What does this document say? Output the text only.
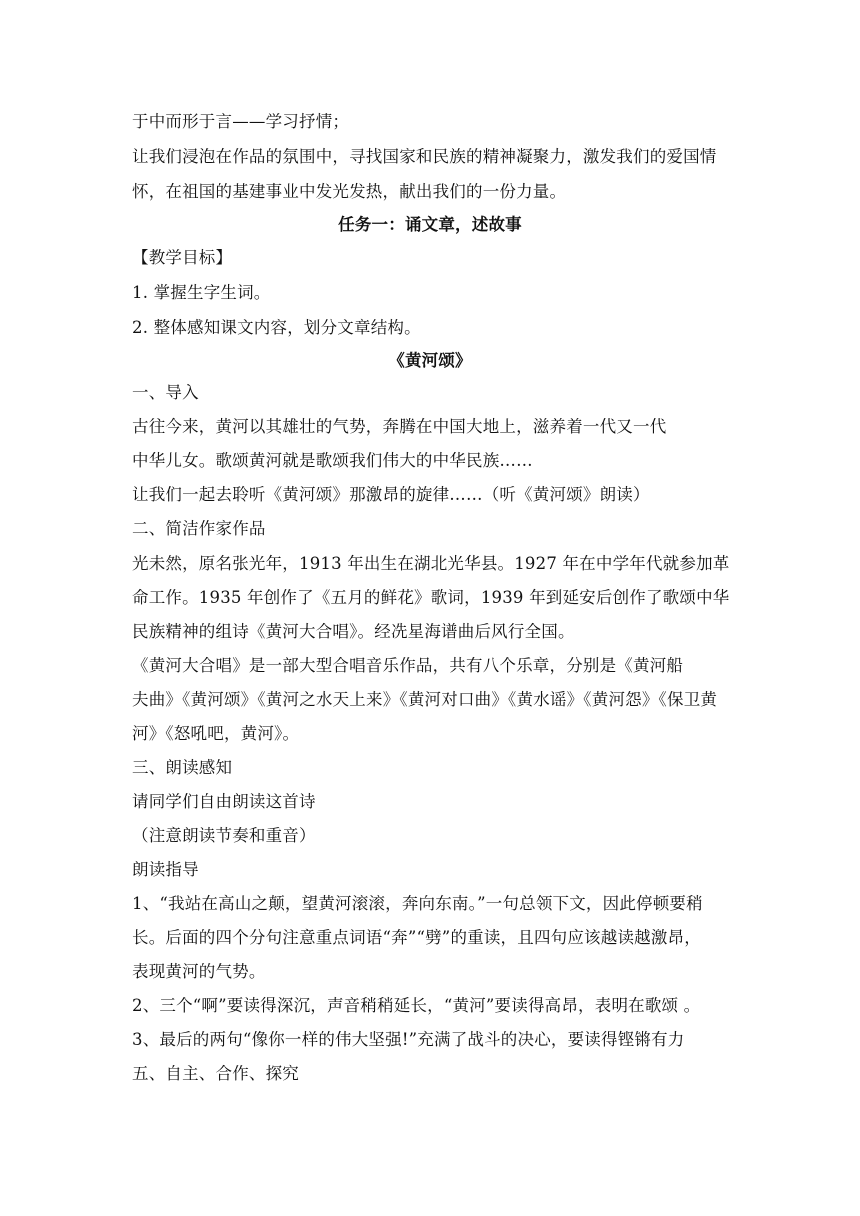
于中而形于言——学习抒情；
让我们浸泡在作品的氛围中，寻找国家和民族的精神凝聚力，激发我们的爱国情
怀，在祖国的基建事业中发光发热，献出我们的一份力量。
任务一：诵文章，述故事
【教学目标】
1. 掌握生字生词。
2. 整体感知课文内容，划分文章结构。
《黄河颂》
一、导入
古往今来，黄河以其雄壮的气势，奔腾在中国大地上，滋养着一代又一代
中华儿女。歌颂黄河就是歌颂我们伟大的中华民族……
让我们一起去聆听《黄河颂》那激昂的旋律……（听《黄河颂》朗读）
二、简洁作家作品
光未然，原名张光年，1913 年出生在湖北光华县。1927 年在中学年代就参加革
命工作。1935 年创作了《五月的鲜花》歌词，1939 年到延安后创作了歌颂中华
民族精神的组诗《黄河大合唱》。经冼星海谱曲后风行全国。
《黄河大合唱》是一部大型合唱音乐作品，共有八个乐章，分别是《黄河船
夫曲》《黄河颂》《黄河之水天上来》《黄河对口曲》《黄水谣》《黄河怨》《保卫黄
河》《怒吼吧，黄河》。
三、朗读感知
请同学们自由朗读这首诗
（注意朗读节奏和重音）
朗读指导
1、“我站在高山之颠，望黄河滚滚，奔向东南。”一句总领下文，因此停顿要稍
长。后面的四个分句注意重点词语“奔”“劈”的重读，且四句应该越读越激昂，
表现黄河的气势。
2、三个“啊”要读得深沉，声音稍稍延长，“黄河”要读得高昂，表明在歌颂 。
3、最后的两句“像你一样的伟大坚强!”充满了战斗的决心，要读得铿锵有力
五、自主、合作、探究
